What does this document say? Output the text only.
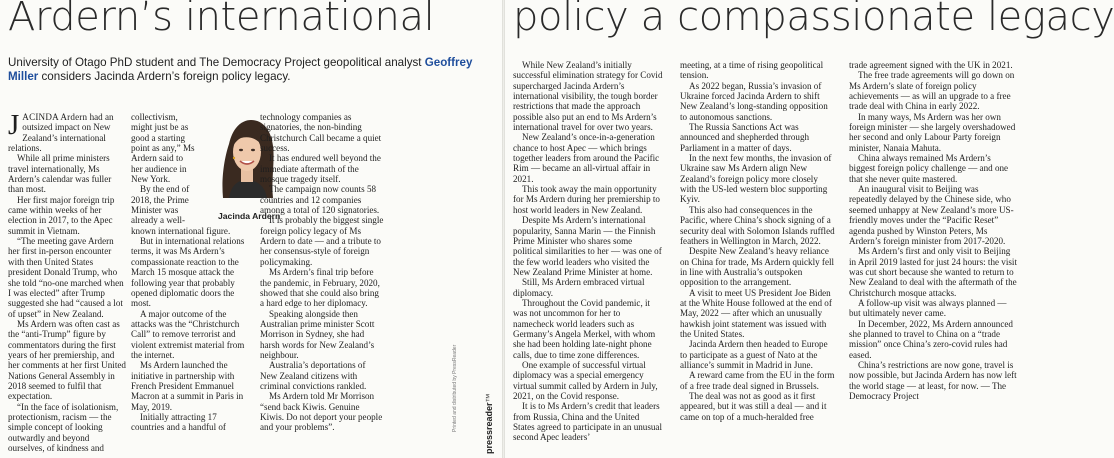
Ardern’s international
University of Otago PhD student and The Democracy Project geopolitical analyst Geoffrey Miller considers Jacinda Ardern’s foreign policy legacy.

JACINDA Ardern had an outsized impact on New Zealand’s international relations.

While all prime ministers travel internationally, Ms Ardern’s calendar was fuller than most.

Her first major foreign trip came within weeks of her election in 2017, to the Apec summit in Vietnam.

“The meeting gave Ardern her first in-person encounter with then United States president Donald Trump, who she told “no-one marched when I was elected” after Trump suggested she had “caused a lot of upset” in New Zealand.

Ms Ardern was often cast as the “anti-Trump” figure by commentators during the first years of her premiership, and her comments at her first United Nations General Assembly in 2018 seemed to fulfil that expectation.

“In the face of isolationism, protectionism, racism — the simple concept of looking outwardly and beyond ourselves, of kindness and

collectivism, might just be as good a starting point as any,” Ms Ardern said to her audience in New York.

By the end of 2018, the Prime Minister was already a well-known international figure.

But in international relations terms, it was Ms Ardern’s compassionate reaction to the March 15 mosque attack the following year that probably opened diplomatic doors the most.

A major outcome of the attacks was the “Christchurch Call” to remove terrorist and violent extremist material from the internet.

Ms Ardern launched the initiative in partnership with French President Emmanuel Macron at a summit in Paris in May, 2019.

Initially attracting 17 countries and a handful of

Jacinda Ardern

technology companies as signatories, the non-binding Christchurch Call became a quiet success.

It has endured well beyond the immediate aftermath of the mosque tragedy itself.

The campaign now counts 58 countries and 12 companies among a total of 120 signatories.

It is probably the biggest single foreign policy legacy of Ms Ardern to date — and a tribute to her consensus-style of foreign policymaking.

Ms Ardern’s final trip before the pandemic, in February, 2020, showed that she could also bring a hard edge to her diplomacy.

Speaking alongside then Australian prime minister Scott Morrison in Sydney, she had harsh words for New Zealand’s neighbour.

Australia’s deportations of New Zealand citizens with criminal convictions rankled.

Ms Ardern told Mr Morrison “send back Kiwis. Genuine Kiwis. Do not deport your people and your problems”.	Printed and distributed by PressReader	pressreader™
policy a compassionate legacy

While New Zealand’s initially successful elimination strategy for Covid supercharged Jacinda Ardern’s international visibility, the tough border restrictions that made the approach possible also put an end to Ms Ardern’s international travel for over two years.

New Zealand’s once-in-a-generation chance to host Apec — which brings together leaders from around the Pacific Rim — became an all-virtual affair in 2021.

This took away the main opportunity for Ms Ardern during her premiership to host world leaders in New Zealand.

Despite Ms Ardern’s international popularity, Sanna Marin — the Finnish Prime Minister who shares some political similarities to her — was one of the few world leaders who visited the New Zealand Prime Minister at home.

Still, Ms Ardern embraced virtual diplomacy.

Throughout the Covid pandemic, it was not uncommon for her to namecheck world leaders such as Germany’s Angela Merkel, with whom she had been holding late-night phone calls, due to time zone differences.

One example of successful virtual diplomacy was a special emergency virtual summit called by Ardern in July, 2021, on the Covid response.

It is to Ms Ardern’s credit that leaders from Russia, China and the United States agreed to participate in an unusual second Apec leaders’

meeting, at a time of rising geopolitical tension.

As 2022 began, Russia’s invasion of Ukraine forced Jacinda Ardern to shift New Zealand’s long-standing opposition to autonomous sanctions.

The Russia Sanctions Act was announced and shepherded through Parliament in a matter of days.

In the next few months, the invasion of Ukraine saw Ms Ardern align New Zealand’s foreign policy more closely with the US-led western bloc supporting Kyiv.

This also had consequences in the Pacific, where China’s shock signing of a security deal with Solomon Islands ruffled feathers in Wellington in March, 2022.

Despite New Zealand’s heavy reliance on China for trade, Ms Ardern quickly fell in line with Australia’s outspoken opposition to the arrangement.

A visit to meet US President Joe Biden at the White House followed at the end of May, 2022 — after which an unusually hawkish joint statement was issued with the United States.

Jacinda Ardern then headed to Europe to participate as a guest of Nato at the alliance’s summit in Madrid in June.

A reward came from the EU in the form of a free trade deal signed in Brussels.

The deal was not as good as it first appeared, but it was still a deal — and it came on top of a much-heralded free

trade agreement signed with the UK in 2021.

The free trade agreements will go down on Ms Ardern’s slate of foreign policy achievements — as will an upgrade to a free trade deal with China in early 2022.

In many ways, Ms Ardern was her own foreign minister — she largely overshadowed her second and only Labour Party foreign minister, Nanaia Mahuta.

China always remained Ms Ardern’s biggest foreign policy challenge — and one that she never quite mastered.

An inaugural visit to Beijing was repeatedly delayed by the Chinese side, who seemed unhappy at New Zealand’s more US-friendly moves under the “Pacific Reset” agenda pushed by Winston Peters, Ms Ardern’s foreign minister from 2017-2020.

Ms Ardern’s first and only visit to Beijing in April 2019 lasted for just 24 hours: the visit was cut short because she wanted to return to New Zealand to deal with the aftermath of the Christchurch mosque attacks.

A follow-up visit was always planned — but ultimately never came.

In December, 2022, Ms Ardern announced she planned to travel to China on a “trade mission” once China’s zero-covid rules had eased.

China’s restrictions are now gone, travel is now possible, but Jacinda Ardern has now left the world stage — at least, for now. — The Democracy Project
